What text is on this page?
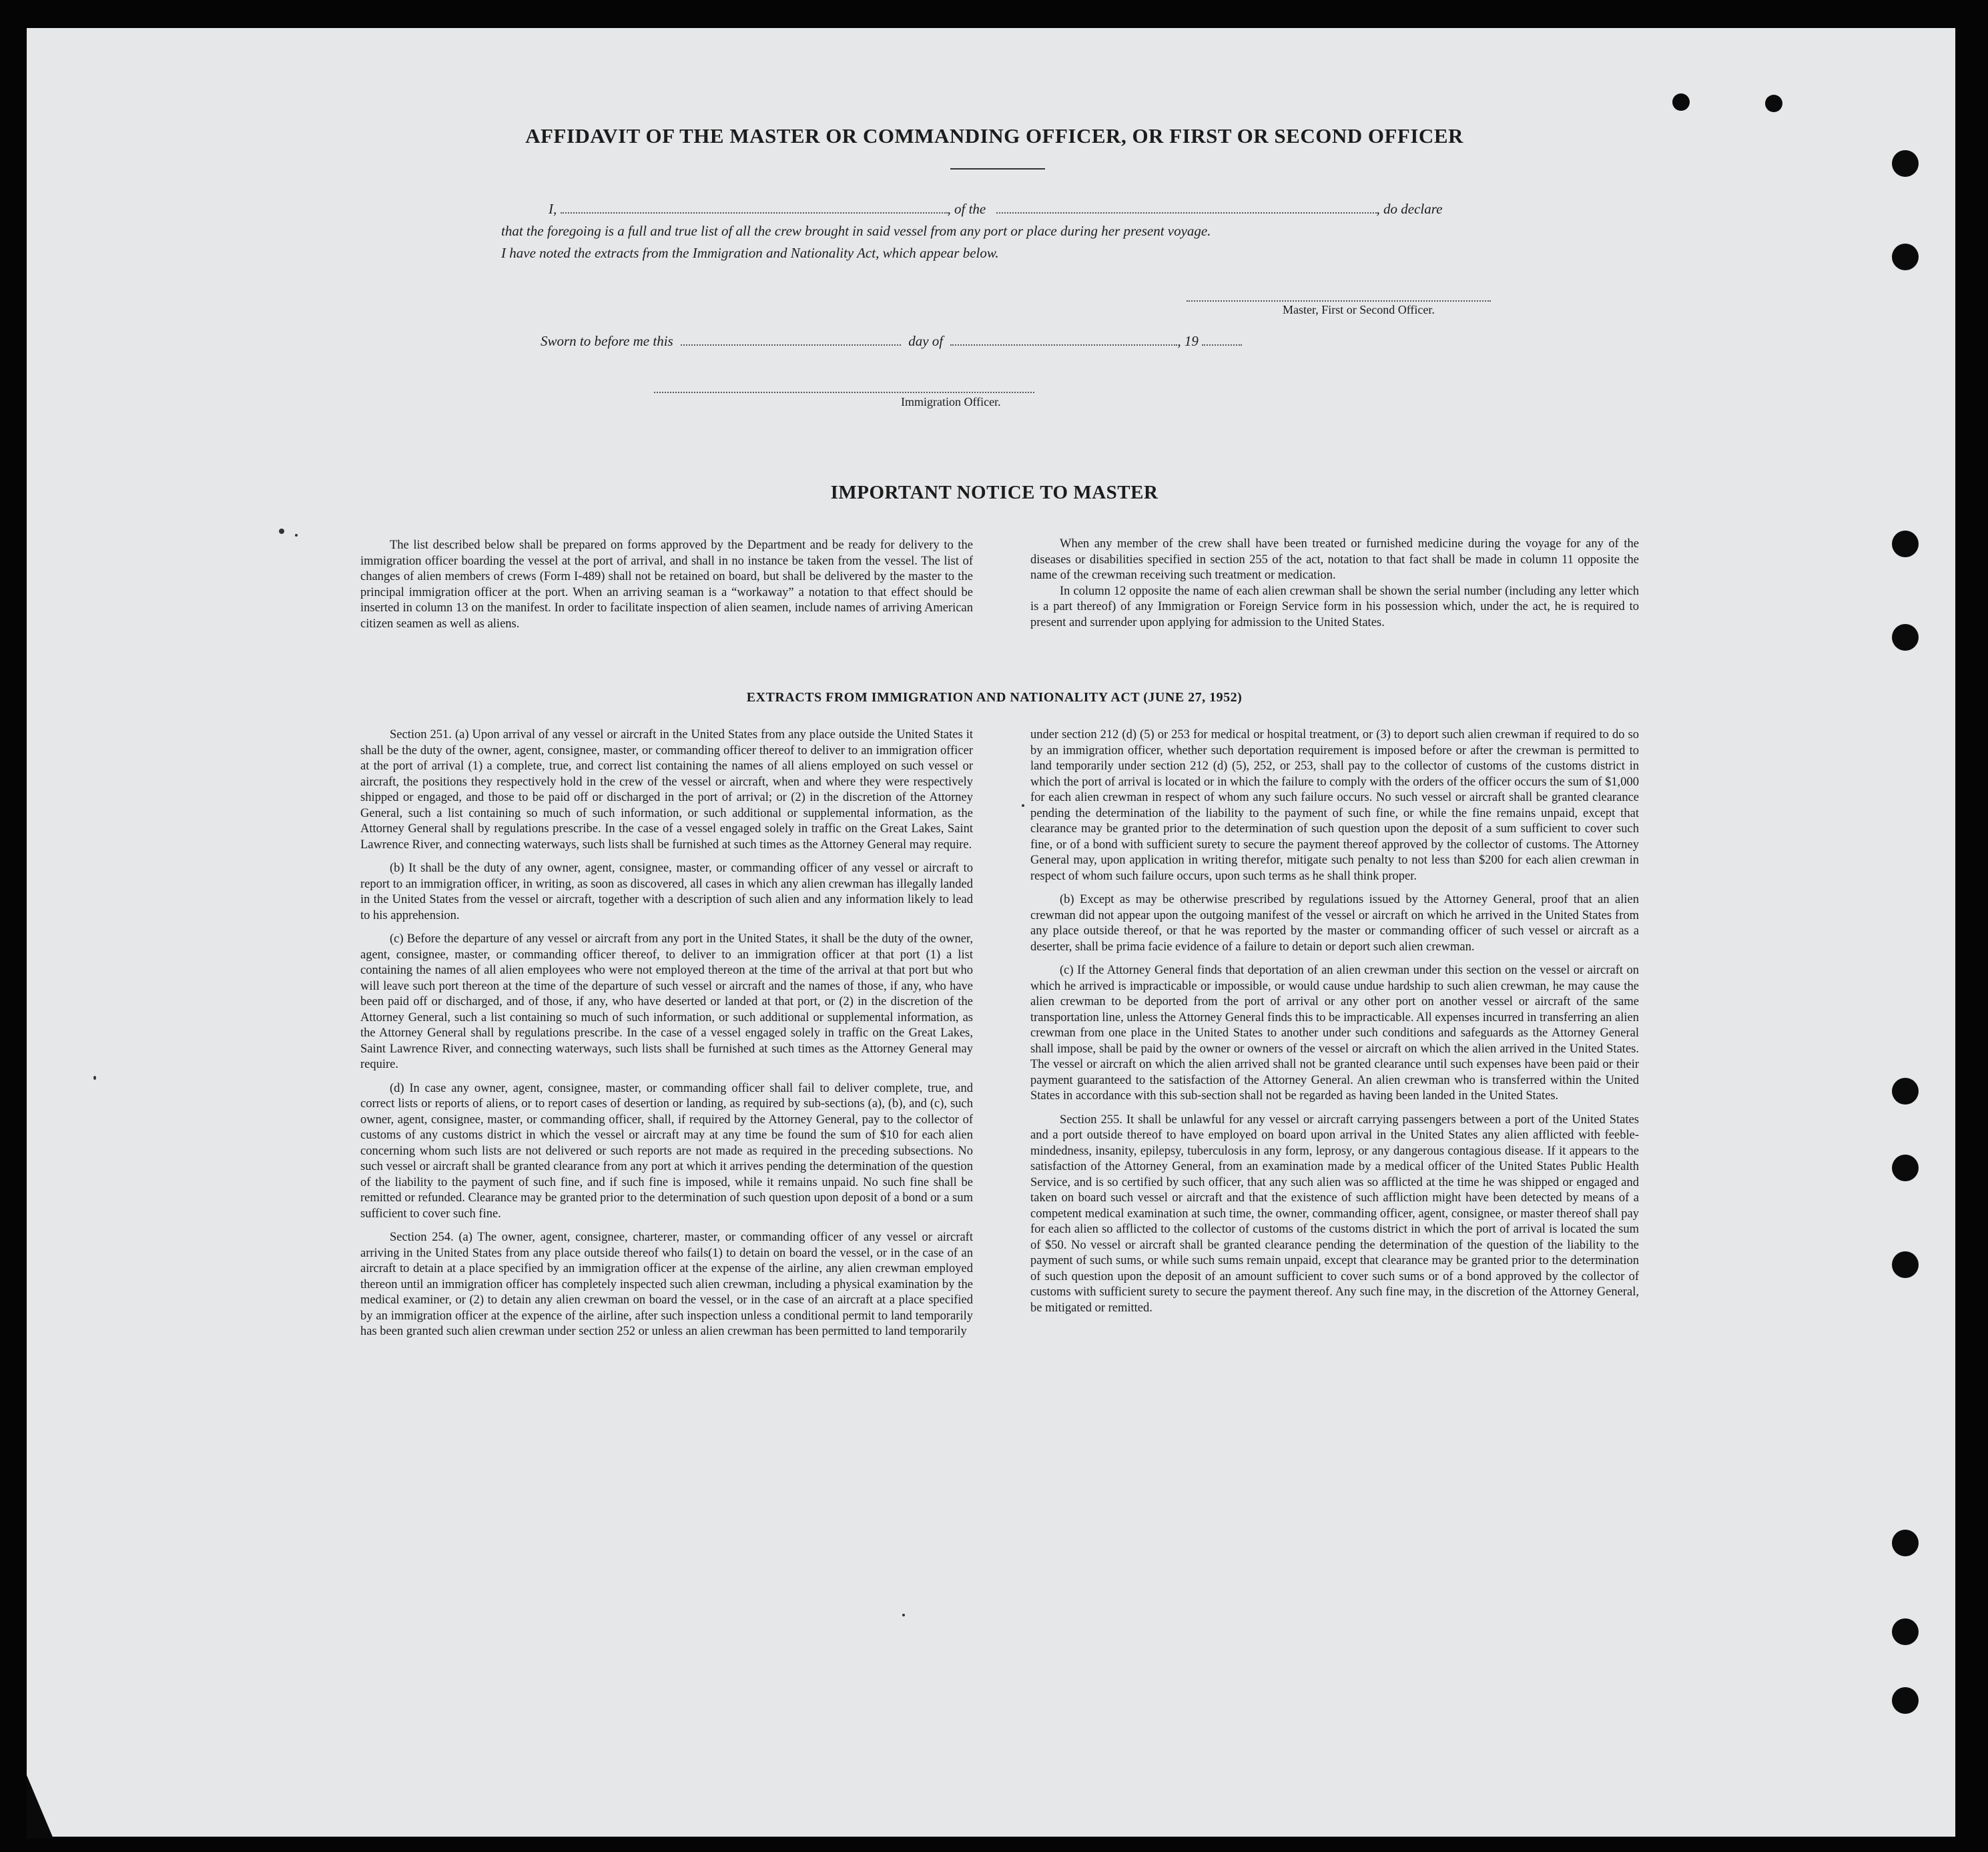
AFFIDAVIT OF THE MASTER OR COMMANDING OFFICER, OR FIRST OR SECOND OFFICER
I,	, of the	, do declare
that the foregoing is a full and true list of all the crew brought in said vessel from any port or place during her present voyage.
I have noted the extracts from the Immigration and Nationality Act, which appear below.
Master, First or Second Officer.
Sworn to before me this	day of	, 19
Immigration Officer.
IMPORTANT NOTICE TO MASTER

The list described below shall be prepared on forms approved by the Department and be ready for delivery to the immigration officer boarding the vessel at the port of arrival, and shall in no instance be taken from the vessel. The list of changes of alien members of crews (Form I-489) shall not be retained on board, but shall be delivered by the master to the principal immigration officer at the port. When an arriving seaman is a “workaway” a notation to that effect should be inserted in column 13 on the manifest. In order to facilitate inspection of alien seamen, include names of arriving American citizen seamen as well as aliens.

When any member of the crew shall have been treated or furnished medicine during the voyage for any of the diseases or disabilities specified in section 255 of the act, notation to that fact shall be made in column 11 opposite the name of the crewman receiving such treatment or medication.

In column 12 opposite the name of each alien crewman shall be shown the serial number (including any letter which is a part thereof) of any Immigration or Foreign Service form in his possession which, under the act, he is required to present and surrender upon applying for admission to the United States.

EXTRACTS FROM IMMIGRATION AND NATIONALITY ACT (JUNE 27, 1952)

Section 251. (a) Upon arrival of any vessel or aircraft in the United States from any place outside the United States it shall be the duty of the owner, agent, consignee, master, or commanding officer thereof to deliver to an immigration officer at the port of arrival (1) a complete, true, and correct list containing the names of all aliens employed on such vessel or aircraft, the positions they respectively hold in the crew of the vessel or aircraft, when and where they were respectively shipped or engaged, and those to be paid off or discharged in the port of arrival; or (2) in the discretion of the Attorney General, such a list containing so much of such information, or such additional or supplemental information, as the Attorney General shall by regulations prescribe. In the case of a vessel engaged solely in traffic on the Great Lakes, Saint Lawrence River, and connecting waterways, such lists shall be furnished at such times as the Attorney General may require.

(b) It shall be the duty of any owner, agent, consignee, master, or commanding officer of any vessel or aircraft to report to an immigration officer, in writing, as soon as discovered, all cases in which any alien crewman has illegally landed in the United States from the vessel or aircraft, together with a description of such alien and any information likely to lead to his apprehension.

(c) Before the departure of any vessel or aircraft from any port in the United States, it shall be the duty of the owner, agent, consignee, master, or commanding officer thereof, to deliver to an immigration officer at that port (1) a list containing the names of all alien employees who were not employed thereon at the time of the arrival at that port but who will leave such port thereon at the time of the departure of such vessel or aircraft and the names of those, if any, who have been paid off or discharged, and of those, if any, who have deserted or landed at that port, or (2) in the discretion of the Attorney General, such a list containing so much of such information, or such additional or supplemental information, as the Attorney General shall by regulations prescribe. In the case of a vessel engaged solely in traffic on the Great Lakes, Saint Lawrence River, and connecting waterways, such lists shall be furnished at such times as the Attorney General may require.

(d) In case any owner, agent, consignee, master, or commanding officer shall fail to deliver complete, true, and correct lists or reports of aliens, or to report cases of desertion or landing, as required by sub-sections (a), (b), and (c), such owner, agent, consignee, master, or commanding officer, shall, if required by the Attorney General, pay to the collector of customs of any customs district in which the vessel or aircraft may at any time be found the sum of $10 for each alien concerning whom such lists are not delivered or such reports are not made as required in the preceding subsections. No such vessel or aircraft shall be granted clearance from any port at which it arrives pending the determination of the question of the liability to the payment of such fine, and if such fine is imposed, while it remains unpaid. No such fine shall be remitted or refunded. Clearance may be granted prior to the determination of such question upon deposit of a bond or a sum sufficient to cover such fine.

Section 254. (a) The owner, agent, consignee, charterer, master, or commanding officer of any vessel or aircraft arriving in the United States from any place outside thereof who fails(1) to detain on board the vessel, or in the case of an aircraft to detain at a place specified by an immigration officer at the expense of the airline, any alien crewman employed thereon until an immigration officer has completely inspected such alien crewman, including a physical examination by the medical examiner, or (2) to detain any alien crewman on board the vessel, or in the case of an aircraft at a place specified by an immigration officer at the expence of the airline, after such inspection unless a conditional permit to land temporarily has been granted such alien crewman under section 252 or unless an alien crewman has been permitted to land temporarily

under section 212 (d) (5) or 253 for medical or hospital treatment, or (3) to deport such alien crewman if required to do so by an immigration officer, whether such deportation requirement is imposed before or after the crewman is permitted to land temporarily under section 212 (d) (5), 252, or 253, shall pay to the collector of customs of the customs district in which the port of arrival is located or in which the failure to comply with the orders of the officer occurs the sum of $1,000 for each alien crewman in respect of whom any such failure occurs. No such vessel or aircraft shall be granted clearance pending the determination of the liability to the payment of such fine, or while the fine remains unpaid, except that clearance may be granted prior to the determination of such question upon the deposit of a sum sufficient to cover such fine, or of a bond with sufficient surety to secure the payment thereof approved by the collector of customs. The Attorney General may, upon application in writing therefor, mitigate such penalty to not less than $200 for each alien crewman in respect of whom such failure occurs, upon such terms as he shall think proper.

(b) Except as may be otherwise prescribed by regulations issued by the Attorney General, proof that an alien crewman did not appear upon the outgoing manifest of the vessel or aircraft on which he arrived in the United States from any place outside thereof, or that he was reported by the master or commanding officer of such vessel or aircraft as a deserter, shall be prima facie evidence of a failure to detain or deport such alien crewman.

(c) If the Attorney General finds that deportation of an alien crewman under this section on the vessel or aircraft on which he arrived is impracticable or impossible, or would cause undue hardship to such alien crewman, he may cause the alien crewman to be deported from the port of arrival or any other port on another vessel or aircraft of the same transportation line, unless the Attorney General finds this to be impracticable. All expenses incurred in transferring an alien crewman from one place in the United States to another under such conditions and safeguards as the Attorney General shall impose, shall be paid by the owner or owners of the vessel or aircraft on which the alien arrived in the United States. The vessel or aircraft on which the alien arrived shall not be granted clearance until such expenses have been paid or their payment guaranteed to the satisfaction of the Attorney General. An alien crewman who is transferred within the United States in accordance with this sub-section shall not be regarded as having been landed in the United States.

Section 255. It shall be unlawful for any vessel or aircraft carrying passengers between a port of the United States and a port outside thereof to have employed on board upon arrival in the United States any alien afflicted with feeble-mindedness, insanity, epilepsy, tuberculosis in any form, leprosy, or any dangerous contagious disease. If it appears to the satisfaction of the Attorney General, from an examination made by a medical officer of the United States Public Health Service, and is so certified by such officer, that any such alien was so afflicted at the time he was shipped or engaged and taken on board such vessel or aircraft and that the existence of such affliction might have been detected by means of a competent medical examination at such time, the owner, commanding officer, agent, consignee, or master thereof shall pay for each alien so afflicted to the collector of customs of the customs district in which the port of arrival is located the sum of $50. No vessel or aircraft shall be granted clearance pending the determination of the question of the liability to the payment of such sums, or while such sums remain unpaid, except that clearance may be granted prior to the determination of such question upon the deposit of an amount sufficient to cover such sums or of a bond approved by the collector of customs with sufficient surety to secure the payment thereof. Any such fine may, in the discretion of the Attorney General, be mitigated or remitted.
